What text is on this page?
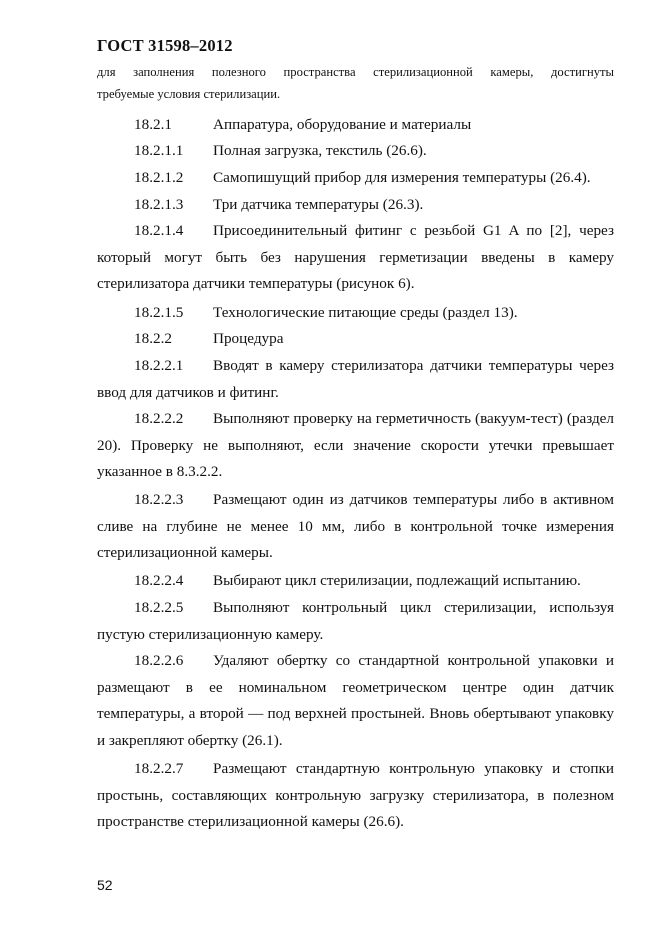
ГОСТ 31598–2012

для заполнения полезного пространства стерилизационной камеры, достигнуты

требуемые условия стерилизации.

18.2.1	Аппаратура, оборудование и материалы

18.2.1.1 Полная загрузка, текстиль (26.6).

18.2.1.2 Самопишущий прибор для измерения температуры (26.4).

18.2.1.3 Три датчика температуры (26.3).

18.2.1.4 Присоединительный фитинг с резьбой G1 A по [2], через который могут быть без нарушения герметизации введены в камеру стерилизатора датчики температуры (рисунок 6).

18.2.1.5 Технологические питающие среды (раздел 13).

18.2.2	Процедура

18.2.2.1 Вводят в камеру стерилизатора датчики температуры через ввод для датчиков и фитинг.

18.2.2.2 Выполняют проверку на герметичность (вакуум-тест) (раздел 20). Проверку не выполняют, если значение скорости утечки превышает указанное в 8.3.2.2.

18.2.2.3 Размещают один из датчиков температуры либо в активном сливе на глубине не менее 10 мм, либо в контрольной точке измерения стерилизационной камеры.

18.2.2.4 Выбирают цикл стерилизации, подлежащий испытанию.

18.2.2.5 Выполняют контрольный цикл стерилизации, используя пустую стерилизационную камеру.

18.2.2.6 Удаляют обертку со стандартной контрольной упаковки и размещают в ее номинальном геометрическом центре один датчик температуры, а второй — под верхней простыней. Вновь обертывают упаковку и закрепляют обертку (26.1).

18.2.2.7 Размещают стандартную контрольную упаковку и стопки простынь, составляющих контрольную загрузку стерилизатора, в полезном пространстве стерилизационной камеры (26.6).

52
